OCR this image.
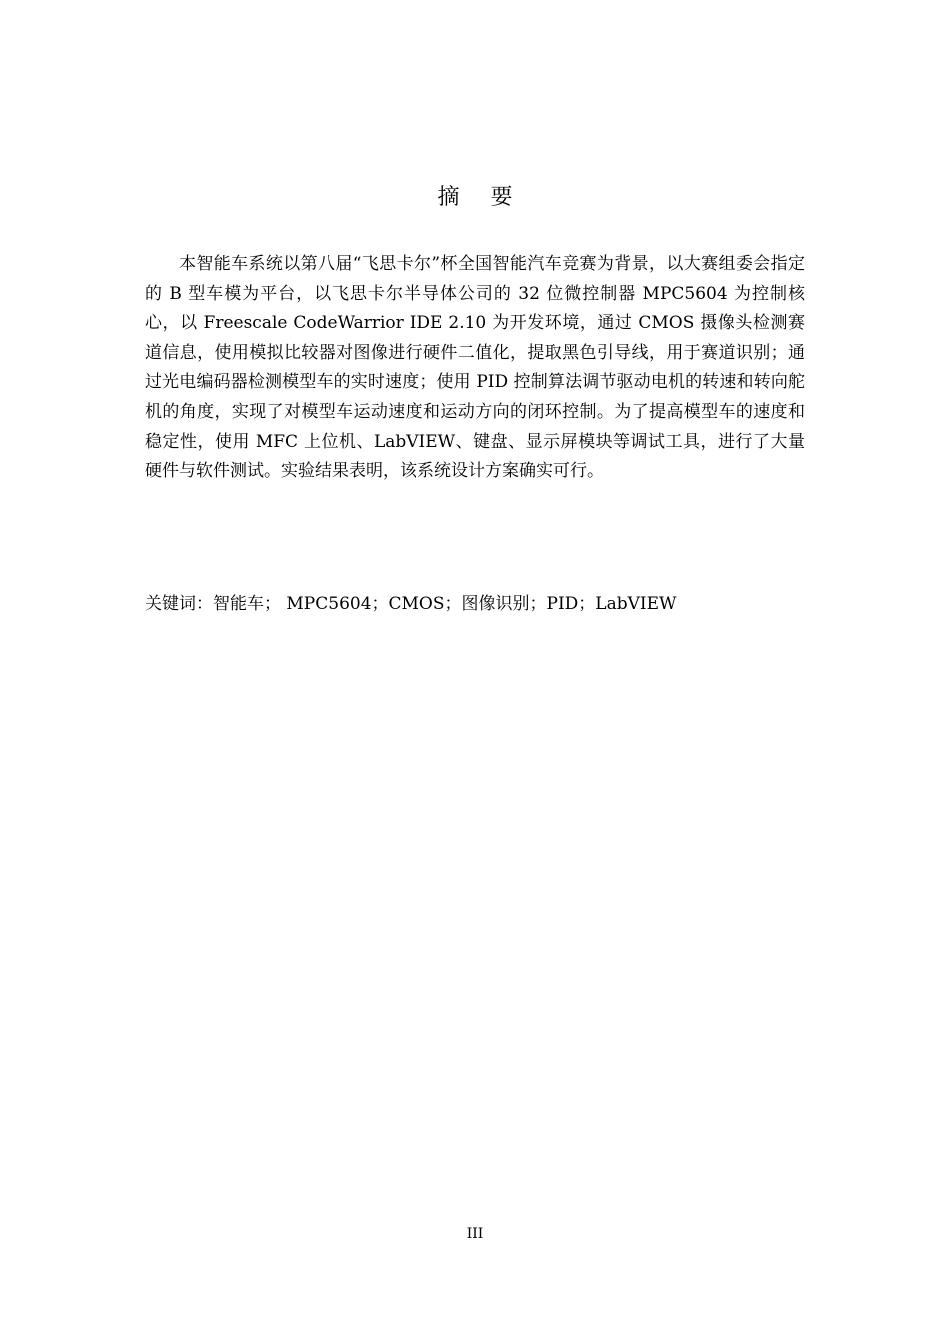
摘 要

本智能车系统以第八届“飞思卡尔”杯全国智能汽车竞赛为背景，以大赛组委会指定的 B 型车模为平台，以飞思卡尔半导体公司的 32 位微控制器 MPC5604 为控制核心，以 Freescale CodeWarrior IDE 2.10 为开发环境，通过 CMOS 摄像头检测赛道信息，使用模拟比较器对图像进行硬件二值化，提取黑色引导线，用于赛道识别；通过光电编码器检测模型车的实时速度；使用 PID 控制算法调节驱动电机的转速和转向舵机的角度，实现了对模型车运动速度和运动方向的闭环控制。为了提高模型车的速度和稳定性，使用 MFC 上位机、LabVIEW、键盘、显示屏模块等调试工具，进行了大量硬件与软件测试。实验结果表明，该系统设计方案确实可行。

关键词：智能车； MPC5604；CMOS；图像识别；PID；LabVIEW
III
